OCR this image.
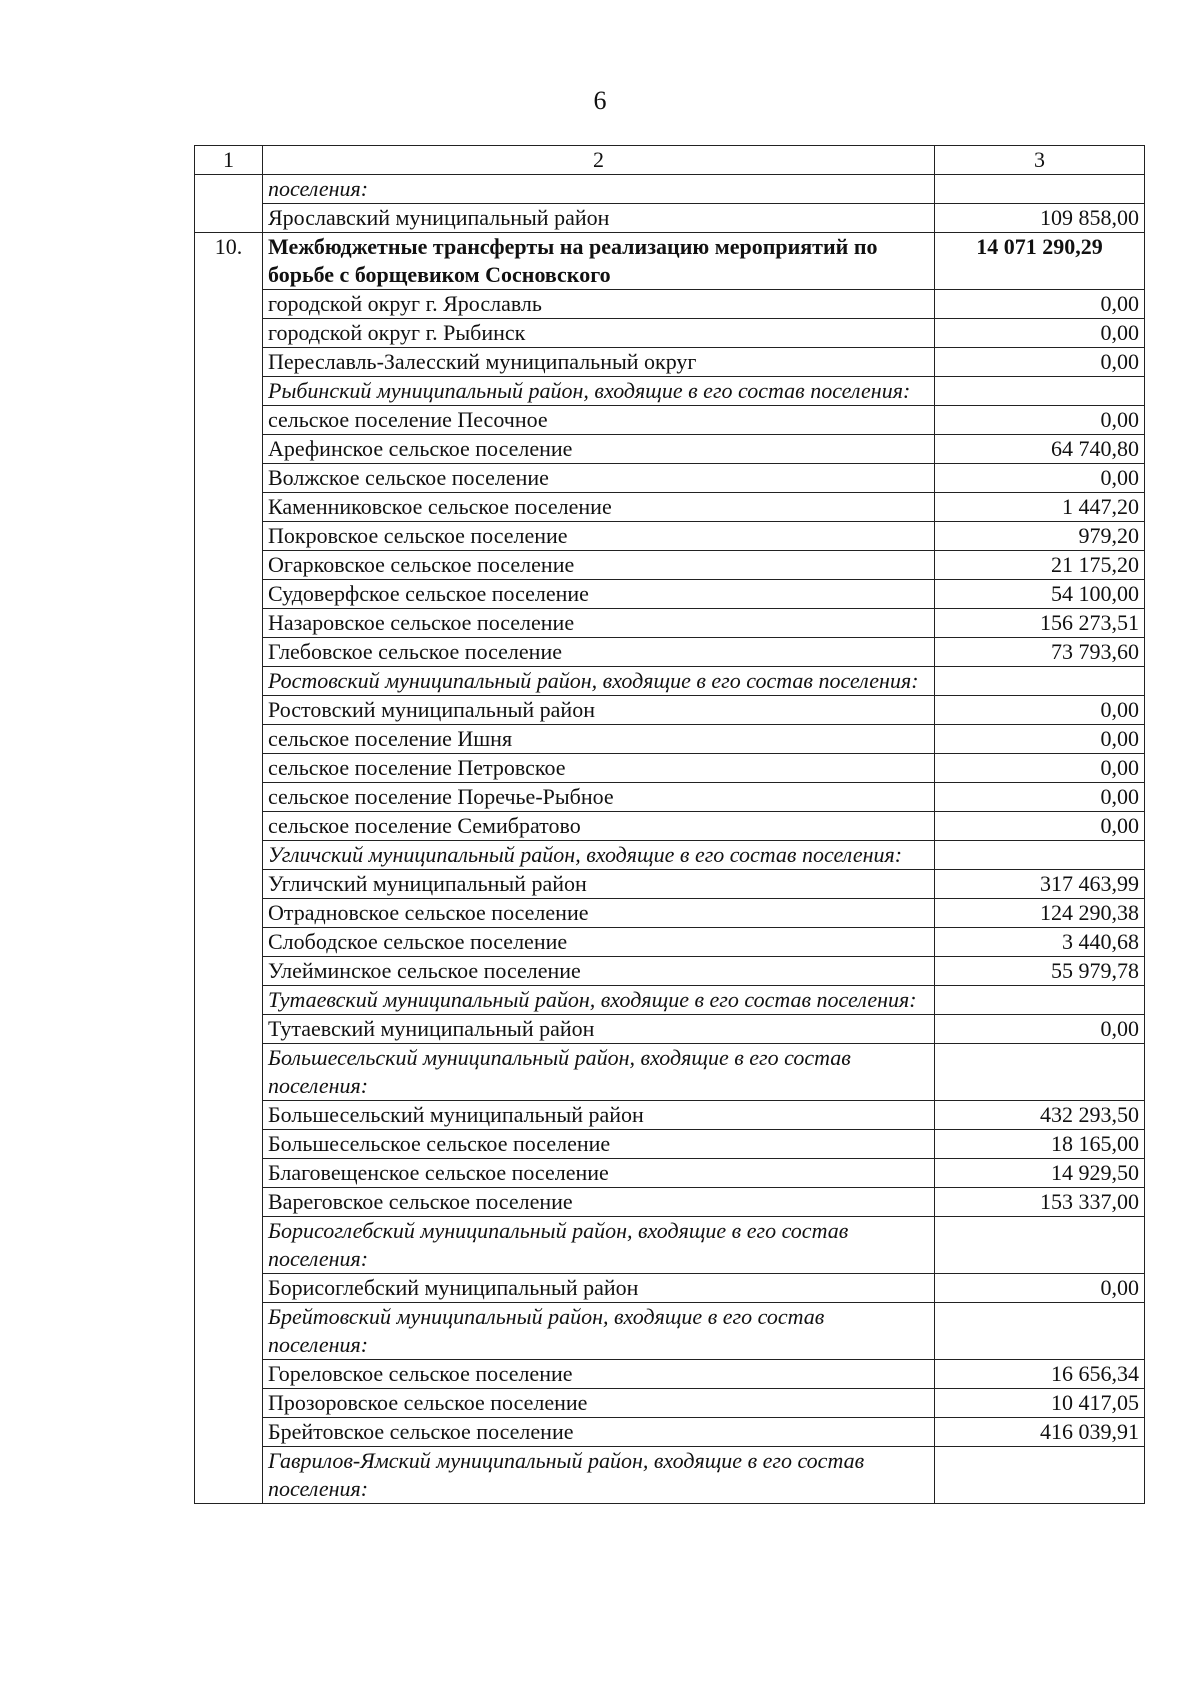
6
1	2	3
	поселения:	
	Ярославский муниципальный район	109 858,00
10.	Межбюджетные трансферты на реализацию мероприятий по борьбе с борщевиком Сосновского	14 071 290,29
	городской округ г. Ярославль	0,00
	городской округ г. Рыбинск	0,00
	Переславль-Залесский муниципальный округ	0,00
	Рыбинский муниципальный район, входящие в его состав поселения:	
	сельское поселение Песочное	0,00
	Арефинское сельское поселение	64 740,80
	Волжское сельское поселение	0,00
	Каменниковское сельское поселение	1 447,20
	Покровское сельское поселение	979,20
	Огарковское сельское поселение	21 175,20
	Судоверфское сельское поселение	54 100,00
	Назаровское сельское поселение	156 273,51
	Глебовское сельское поселение	73 793,60
	Ростовский муниципальный район, входящие в его состав поселения:	
	Ростовский муниципальный район	0,00
	сельское поселение Ишня	0,00
	сельское поселение Петровское	0,00
	сельское поселение Поречье-Рыбное	0,00
	сельское поселение Семибратово	0,00
	Угличский муниципальный район, входящие в его состав поселения:	
	Угличский муниципальный район	317 463,99
	Отрадновское сельское поселение	124 290,38
	Слободское сельское поселение	3 440,68
	Улейминское сельское поселение	55 979,78
	Тутаевский муниципальный район, входящие в его состав поселения:	
	Тутаевский муниципальный район	0,00
	Большесельский муниципальный район, входящие в его состав поселения:	
	Большесельский муниципальный район	432 293,50
	Большесельское сельское поселение	18 165,00
	Благовещенское сельское поселение	14 929,50
	Вареговское сельское поселение	153 337,00
	Борисоглебский муниципальный район, входящие в его состав поселения:	
	Борисоглебский муниципальный район	0,00
	Брейтовский муниципальный район, входящие в его состав поселения:	
	Гореловское сельское поселение	16 656,34
	Прозоровское сельское поселение	10 417,05
	Брейтовское сельское поселение	416 039,91
	Гаврилов-Ямский муниципальный район, входящие в его состав поселения:	
